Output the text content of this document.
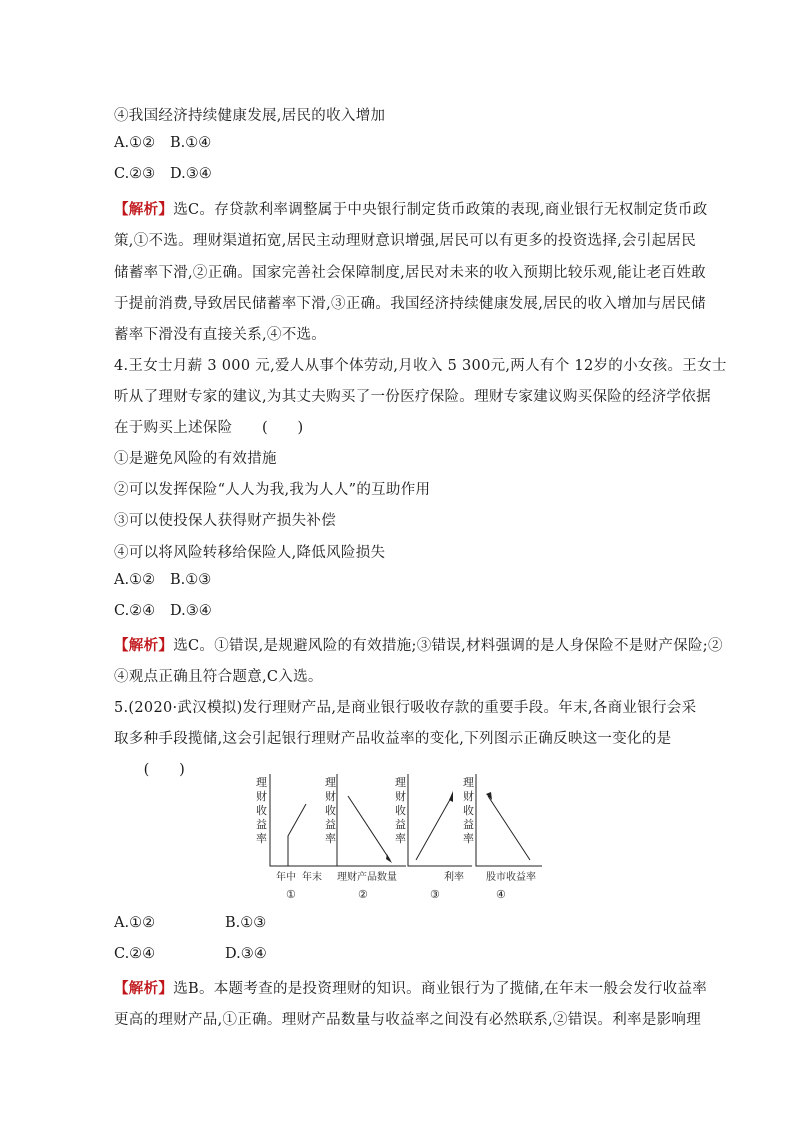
④我国经济持续健康发展,居民的收入增加
A.①② B.①④
C.②③ D.③④
【解析】选C。存贷款利率调整属于中央银行制定货币政策的表现,商业银行无权制定货币政
策,①不选。理财渠道拓宽,居民主动理财意识增强,居民可以有更多的投资选择,会引起居民
储蓄率下滑,②正确。国家完善社会保障制度,居民对未来的收入预期比较乐观,能让老百姓敢
于提前消费,导致居民储蓄率下滑,③正确。我国经济持续健康发展,居民的收入增加与居民储
蓄率下滑没有直接关系,④不选。
4.王女士月薪 3 000 元,爱人从事个体劳动,月收入 5 300元,两人有个 12岁的小女孩。王女士
听从了理财专家的建议,为其丈夫购买了一份医疗保险。理财专家建议购买保险的经济学依据
在于购买上述保险　　(　　)
①是避免风险的有效措施
②可以发挥保险“人人为我,我为人人”的互助作用
③可以使投保人获得财产损失补偿
④可以将风险转移给保险人,降低风险损失
A.①② B.①③
C.②④ D.③④
【解析】选C。①错误,是规避风险的有效措施;③错误,材料强调的是人身保险不是财产保险;②
④观点正确且符合题意,C入选。
5.(2020·武汉模拟)发行理财产品,是商业银行吸收存款的重要手段。年末,各商业银行会采
取多种手段揽储,这会引起银行理财产品收益率的变化,下列图示正确反映这一变化的是
　　(　　)
理
财
收
益
率
理
财
收
益
率
理
财
收
益
率
理
财
收
益
率
年中 年末 理财产品数量	利率 股市收益率
①	②	③	④
A.①②	B.①③
C.②④	D.③④
【解析】选B。本题考查的是投资理财的知识。商业银行为了揽储,在年末一般会发行收益率
更高的理财产品,①正确。理财产品数量与收益率之间没有必然联系,②错误。利率是影响理
